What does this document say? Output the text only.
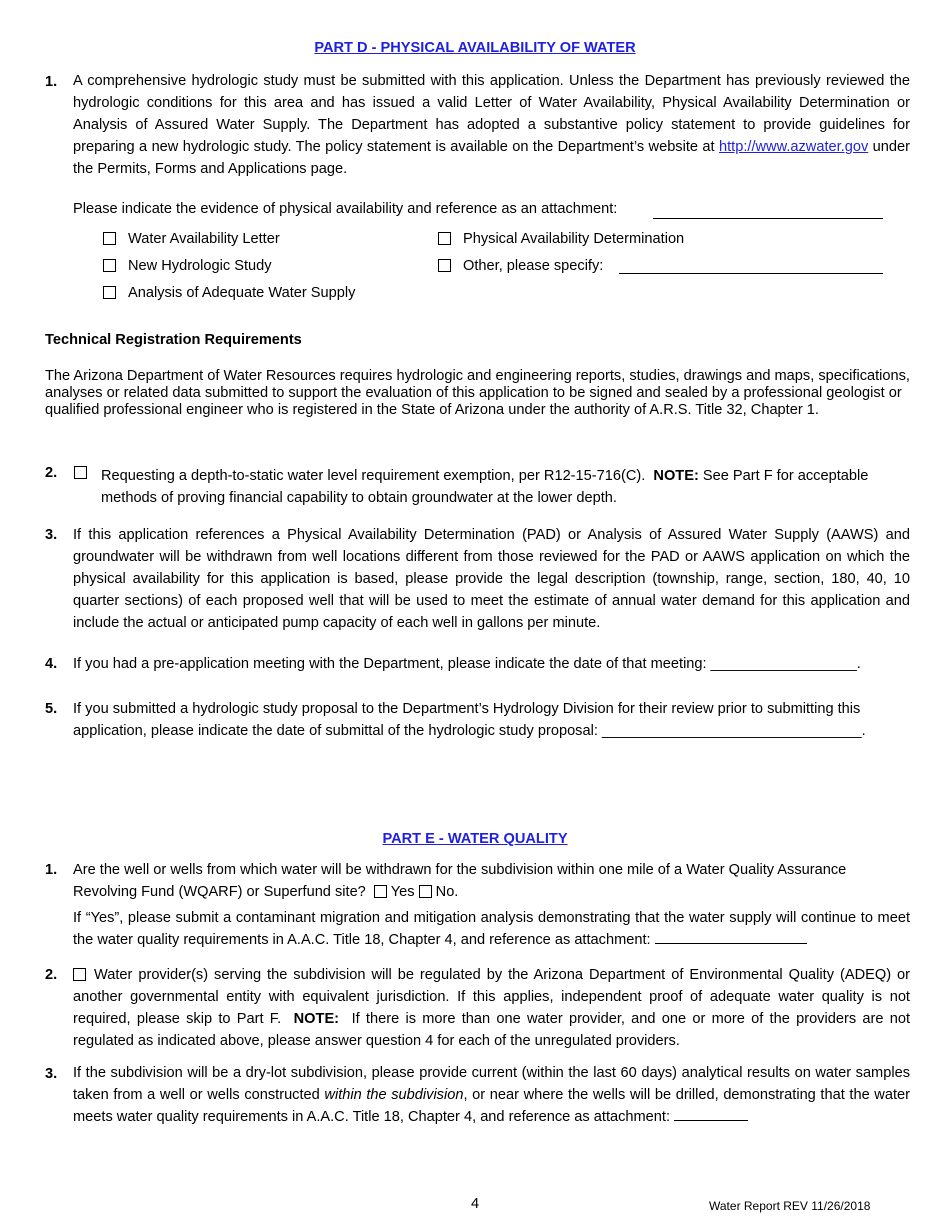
PART D - PHYSICAL AVAILABILITY OF WATER
1. A comprehensive hydrologic study must be submitted with this application. Unless the Department has previously reviewed the hydrologic conditions for this area and has issued a valid Letter of Water Availability, Physical Availability Determination or Analysis of Assured Water Supply. The Department has adopted a substantive policy statement to provide guidelines for preparing a new hydrologic study. The policy statement is available on the Department’s website at http://www.azwater.gov under the Permits, Forms and Applications page.
Please indicate the evidence of physical availability and reference as an attachment:
Water Availability Letter
New Hydrologic Study
Analysis of Adequate Water Supply
Physical Availability Determination
Other, please specify:
Technical Registration Requirements
The Arizona Department of Water Resources requires hydrologic and engineering reports, studies, drawings and maps, specifications, analyses or related data submitted to support the evaluation of this application to be signed and sealed by a professional geologist or qualified professional engineer who is registered in the State of Arizona under the authority of A.R.S. Title 32, Chapter 1.
2.	Requesting a depth-to-static water level requirement exemption, per R12-15-716(C). NOTE: See Part F for acceptable
methods of proving financial capability to obtain groundwater at the lower depth.
3. If this application references a Physical Availability Determination (PAD) or Analysis of Assured Water Supply (AAWS) and groundwater will be withdrawn from well locations different from those reviewed for the PAD or AAWS application on which the physical availability for this application is based, please provide the legal description (township, range, section, 180, 40, 10 quarter sections) of each proposed well that will be used to meet the estimate of annual water demand for this application and include the actual or anticipated pump capacity of each well in gallons per minute.
4. If you had a pre-application meeting with the Department, please indicate the date of that meeting: __________________.
5. If you submitted a hydrologic study proposal to the Department’s Hydrology Division for their review prior to submitting this
application, please indicate the date of submittal of the hydrologic study proposal: ________________________________.
PART E - WATER QUALITY
1. Are the well or wells from which water will be withdrawn for the subdivision within one mile of a Water Quality Assurance
Revolving Fund (WQARF) or Superfund site? Yes No.
If “Yes”, please submit a contaminant migration and mitigation analysis demonstrating that the water supply will continue to meet the water quality requirements in A.A.C. Title 18, Chapter 4, and reference as attachment:
2.	Water provider(s) serving the subdivision will be regulated by the Arizona Department of Environmental Quality (ADEQ) or another governmental entity with equivalent jurisdiction. If this applies, independent proof of adequate water quality is not required, please skip to Part F. NOTE: If there is more than one water provider, and one or more of the providers are not regulated as indicated above, please answer question 4 for each of the unregulated providers.
3. If the subdivision will be a dry-lot subdivision, please provide current (within the last 60 days) analytical results on water samples taken from a well or wells constructed within the subdivision, or near where the wells will be drilled, demonstrating that the water meets water quality requirements in A.A.C. Title 18, Chapter 4, and reference as attachment:
4	Water Report REV 11/26/2018
